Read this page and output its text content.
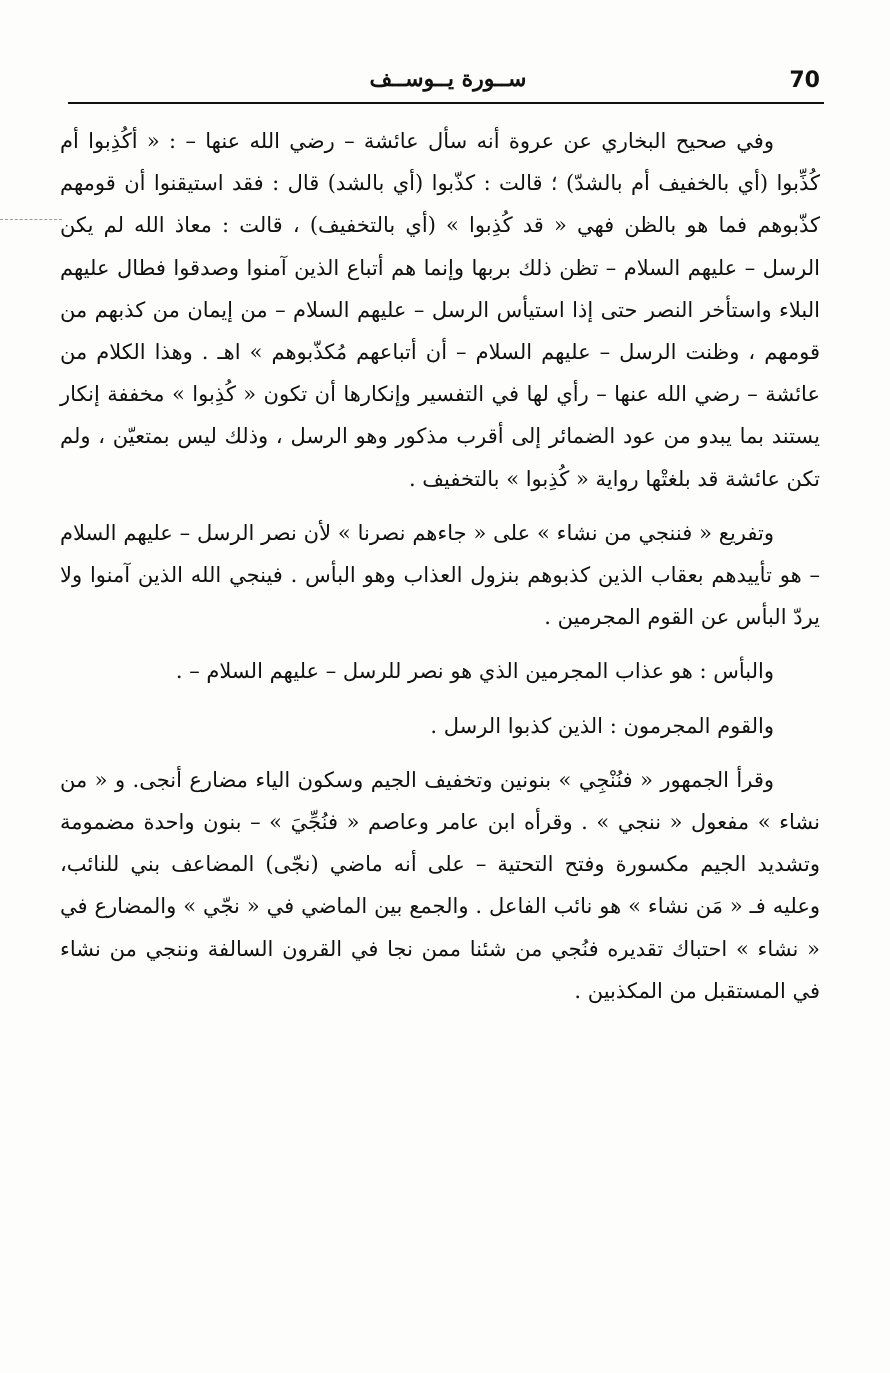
70
ســورة يــوســف

وفي صحيح البخاري عن عروة أنه سأل عائشة – رضي الله عنها – : « أكُذِبوا أم كُذِّبوا (أي بالخفيف أم بالشدّ) ؛ قالت : كذّبوا (أي بالشد) قال : فقد استيقنوا أن قومهم كذّبوهم فما هو بالظن فهي « قد كُذِبوا » (أي بالتخفيف) ، قالت : معاذ الله لم يكن الرسل – عليهم السلام – تظن ذلك بربها وإنما هم أتباع الذين آمنوا وصدقوا فطال عليهم البلاء واستأخر النصر حتى إذا استيأس الرسل – عليهم السلام – من إيمان من كذبهم من قومهم ، وظنت الرسل – عليهم السلام – أن أتباعهم مُكذّبوهم » اهـ . وهذا الكلام من عائشة – رضي الله عنها – رأي لها في التفسير وإنكارها أن تكون « كُذِبوا » مخففة إنكار يستند بما يبدو من عود الضمائر إلى أقرب مذكور وهو الرسل ، وذلك ليس بمتعيّن ، ولم تكن عائشة قد بلغتْها رواية « كُذِبوا » بالتخفيف .

وتفريع « فننجي من نشاء » على « جاءهم نصرنا » لأن نصر الرسل – عليهم السلام – هو تأييدهم بعقاب الذين كذبوهم بنزول العذاب وهو البأس . فينجي الله الذين آمنوا ولا يردّ البأس عن القوم المجرمين .

والبأس : هو عذاب المجرمين الذي هو نصر للرسل – عليهم السلام – .

والقوم المجرمون : الذين كذبوا الرسل .

وقرأ الجمهور « فنُنْجِي » بنونين وتخفيف الجيم وسكون الياء مضارع أنجى. و « من نشاء » مفعول « ننجي » . وقرأه ابن عامر وعاصم « فنُجِّيَ » – بنون واحدة مضمومة وتشديد الجيم مكسورة وفتح التحتية – على أنه ماضي (نجّى) المضاعف بني للنائب، وعليه فـ « مَن نشاء » هو نائب الفاعل . والجمع بين الماضي في « نجّي » والمضارع في « نشاء » احتباك تقديره فنُجي من شئنا ممن نجا في القرون السالفة وننجي من نشاء في المستقبل من المكذبين .
